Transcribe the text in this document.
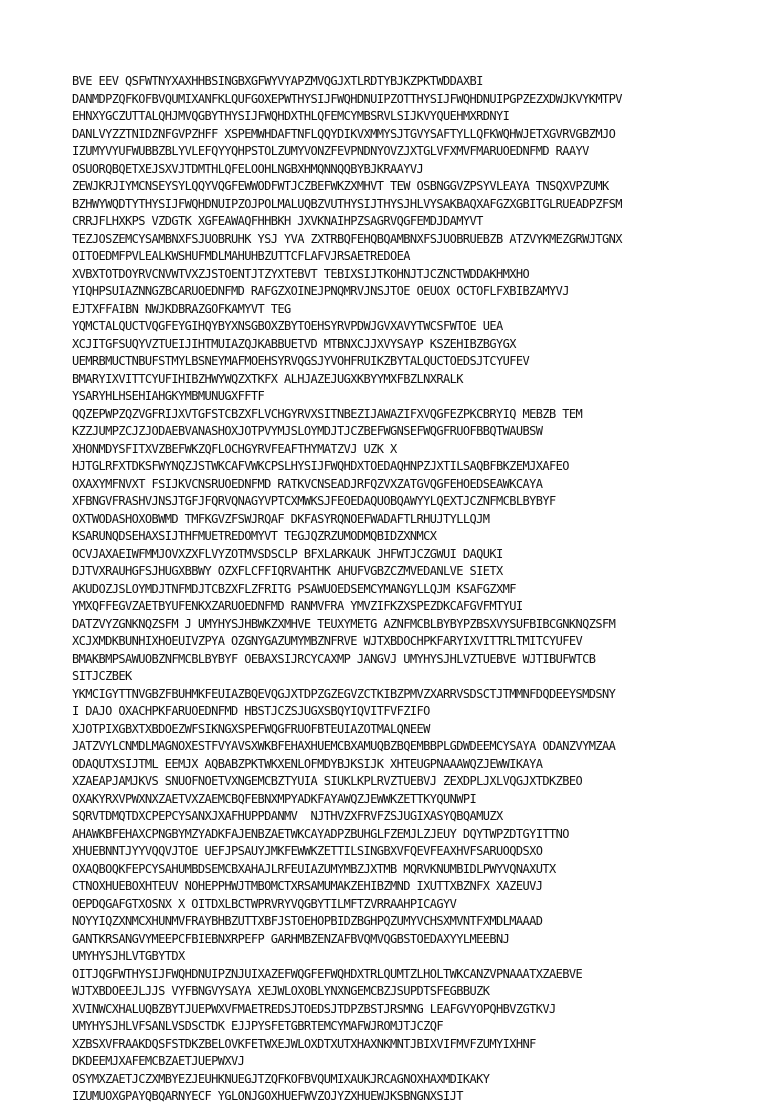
BVE EEV QSFWTNYXAXHHBSINGBXGFWYVYAPZMVQGJXTLRDTYBJKZPKTWDDAXBI
DANMDPZQFKOFBVQUMIXANFKLQUFGOXEPWTHYSIJFWQHDNUIPZOTTHYSIJFWQHDNUIPGPZEZXDWJKVYKMTPV
EHNXYGCZUTTALQHJMVQGBYTHYSIJFWQHDXTHLQFEMCYMBSRVLSIJKVYQUEHMXRDNYI
DANLVYZZTNIDZNFGVPZHFF XSPEMWHDAFTNFLQQYDIKVXMMYSJTGVYSAFTYLLQFKWQHWJETXGVRVGBZMJO
IZUMYVYUFWUBBZBLYVLEFQYYQHPSTOLZUMYVONZFEVPNDNYOVZJXTGLVFXMVFMARUOEDNFMD RAAYV
OSUORQBQETXEJSXVJTDMTHLQFELOOHLNGBXHMQNNQQBYBJKRAAYVJ
ZEWJKRJIYMCNSEYSYLQQYVQGFEWWODFWTJCZBEFWKZXMHVT TEW OSBNGGVZPSYVLEAYA TNSQXVPZUMK
BZHWYWQDTYTHYSIJFWQHDNUIPZOJPOLMALUQBZVUTHYSIJTHYSJHLVYSAKBAQXAFGZXGBITGLRUEADPZFSM
CRRJFLHXKPS VZDGTK XGFEAWAQFHHBKH JXVKNAIHPZSAGRVQGFEMDJDAMYVT
TEZJOSZEMCYSAMBNXFSJUOBRUHK YSJ YVA ZXTRBQFEHQBQAMBNXFSJUOBRUEBZB ATZVYKMEZGRWJTGNX
OITOEDMFPVLEALKWSHUFMDLMAHUHBZUTTCFLAFVJRSAETREDOEA
XVBXTOTDOYRVCNVWTVXZJSTOENTJTZYXTEBVT TEBIXSIJTKOHNJTJCZNCTWDDAKHMXHO
YIQHPSUIAZNNGZBCARUOEDNFMD RAFGZXOINEJPNQMRVJNSJTOE OEUOX OCTOFLFXBIBZAMYVJ
EJTXFFAIBN NWJKDBRAZGOFKAMYVT TEG
YQMCTALQUCTVQGFEYGIHQYBYXNSGBOXZBYTOEHSYRVPDWJGVXAVYTWCSFWTOE UEA
XCJITGFSUQYVZTUEIJIHTMUIAZQJKABBUETVD MTBNXCJJXVYSAYP KSZEHIBZBGYGX
UEMRBMUCTNBUFSTMYLBSNEYMAFMOEHSYRVQGSJYVOHFRUIKZBYTALQUCTOEDSJTCYUFEV
BMARYIXVITTCYUFIHIBZHWYWQZXTKFX ALHJAZEJUGXKBYYMXFBZLNXRALK
YSARYHLHSEHIAHGKYMBMUNUGXFFTF
QQZEPWPZQZVGFRIJXVTGFSTCBZXFLVCHGYRVXSITNBEZIJAWAZIFXVQGFEZPKCBRYIQ MEBZB TEM
KZZJUMPZCJZJODAEBVANASHOXJOTPVYMJSLOYMDJTJCZBEFWGNSEFWQGFRUOFBBQTWAUBSW
XHONMDYSFITXVZBEFWKZQFLOCHGYRVFEAFTHYMATZVJ UZK X
HJTGLRFXTDKSFWYNQZJSTWKCAFVWKCPSLHYSIJFWQHDXTOEDAQHNPZJXTILSAQBFBKZEMJXAFEO
OXAXYMFNVXT FSIJKVCNSRUOEDNFMD RATKVCNSEADJRFQZVXZATGVQGFEHOEDSEAWKCAYA
XFBNGVFRASHVJNSJTGFJFQRVQNAGYVPTCXMWKSJFEOEDAQUOBQAWYYLQEXTJCZNFMCBLBYBYF
OXTWODASHOXOBWMD TMFKGVZFSWJRQAF DKFASYRQNOEFWADAFTLRHUJTYLLQJM
KSARUNQDSEHAXSIJTHFMUETREDOMYVT TEGJQZRZUMODMQBIDZXNMCX
OCVJAXAEIWFMMJOVXZXFLVYZOTMVSDSCLP BFXLARKAUK JHFWTJCZGWUI DAQUKI
DJTVXRAUHGFSJHUGXBBWY OZXFLCFFIQRVAHTHK AHUFVGBZCZMVEDANLVE SIETX
AKUDOZJSLOYMDJTNFMDJTCBZXFLZFRITG PSAWUOEDSEMCYMANGYLLQJM KSAFGZXMF
YMXQFFEGVZAETBYUFENKXZARUOEDNFMD RANMVFRA YMVZIFKZXSPEZDKCAFGVFMTYUI
DATZVYZGNKNQZSFM J UMYHYSJHBWKZXMHVE TEUXYMETG AZNFMCBLBYBYPZBSXVYSUFBIBCGNKNQZSFM
XCJXMDKBUNHIXHOEUIVZPYA OZGNYGAZUMYMBZNFRVE WJTXBDOCHPKFARYIXVITTRLTMITCYUFEV
BMAKBMPSAWUOBZNFMCBLBYBYF OEBAXSIJRCYCAXMP JANGVJ UMYHYSJHLVZTUEBVE WJTIBUFWTCB
SITJCZBEK
YKMCIGYTTNVGBZFBUHMKFEUIAZBQEVQGJXTDPZGZEGVZCTKIBZPMVZXARRVSDSCTJTMMNFDQDEEYSMDSNY
I DAJO OXACHPKFARUOEDNFMD HBSTJCZSJUGXSBQYIQVITFVFZIFO
XJOTPIXGBXTXBDOEZWFSIKNGXSPEFWQGFRUOFBTEUIAZOTMALQNEEW
JATZVYLCNMDLMAGNOXESTFVYAVSXWKBFEHAXHUEMCBXAMUQBZBQEMBBPLGDWDEEMCYSAYA ODANZVYMZAA
ODAQUTXSIJTML EEMJX AQBABZPKTWKXENLOFMDYBJKSIJK XHTEUGPNAAAWQZJEWWIKAYA
XZAEAPJAMJKVS SNUOFNOETVXNGEMCBZTYUIA SIUKLKPLRVZTUEBVJ ZEXDPLJXLVQGJXTDKZBEO
OXAKYRXVPWXNXZAETVXZAEMCBQFEBNXMPYADKFAYAWQZJEWWKZETTKYQUNWPI
SQRVTDMQTDXCPEPCYSANXJXAFHUPPDANMV  NJTHVZXFRVFZSJUGIXASYQBQAMUZX
AHAWKBFEHAXCPNGBYMZYADKFAJENBZAETWKCAYADPZBUHGLFZEMJLZJEUY DQYTWPZDTGYITTNO
XHUEBNNTJYYVQQVJTOE UEFJPSAUYJMKFEWWKZETTILSINGBXVFQEVFEAXHVFSARUOQDSXO
OXAQBOQKFEPCYSAHUMBDSEMCBXAHAJLRFEUIAZUMYMBZJXTMB MQRVKNUMBIDLPWYVQNAXUTX
CTNOXHUEBOXHTEUV NOHEPPHWJTMBOMCTXRSAMUMAKZEHIBZMND IXUTTXBZNFX XAZEUVJ
OEPDQGAFGTXOSNX X OITDXLBCTWPRVRYVQGBYTILMFTZVRRAAHPICAGYV
NOYYIQZXNMCXHUNMVFRAYBHBZUTTXBFJSTOEHOPBIDZBGHPQZUMYVCHSXMVNTFXMDLMAAAD
GANTKRSANGVYMEEPCFBIEBNXRPEFP GARHMBZENZAFBVQMVQGBSTOEDAXYYLMEEBNJ
UMYHYSJHLVTGBYTDX
OITJQGFWTHYSIJFWQHDNUIPZNJUIXAZEFWQGFEFWQHDXTRLQUMTZLHOLTWKCANZVPNAAATXZAEBVE
WJTXBDOEEJLJJS VYFBNGVYSAYA XEJWLOXOBLYNXNGEMCBZJSUPDTSFEGBBUZK
XVINWCXHALUQBZBYTJUEPWXVFMAETREDSJTOEDSJTDPZBSTJRSMNG LEAFGVYOPQHBVZGTKVJ
UMYHYSJHLVFSANLVSDSCTDK EJJPYSFETGBRTEMCYMAFWJROMJTJCZQF
XZBSXVFRAAKDQSFSTDKZBELOVKFETWXEJWLOXDTXUTXHAXNKMNTJBIXVIFMVFZUMYIXHNF
DKDEEMJXAFEMCBZAETJUEPWXVJ
OSYMXZAETJCZXMBYEZJEUHKNUEGJTZQFKOFBVQUMIXAUKJRCAGNOXHAXMDIKAKY
IZUMUOXGPAYQBQARNYECF YGLONJGOXHUEFWVZOJYZXHUEWJKSBNGNXSIJT
